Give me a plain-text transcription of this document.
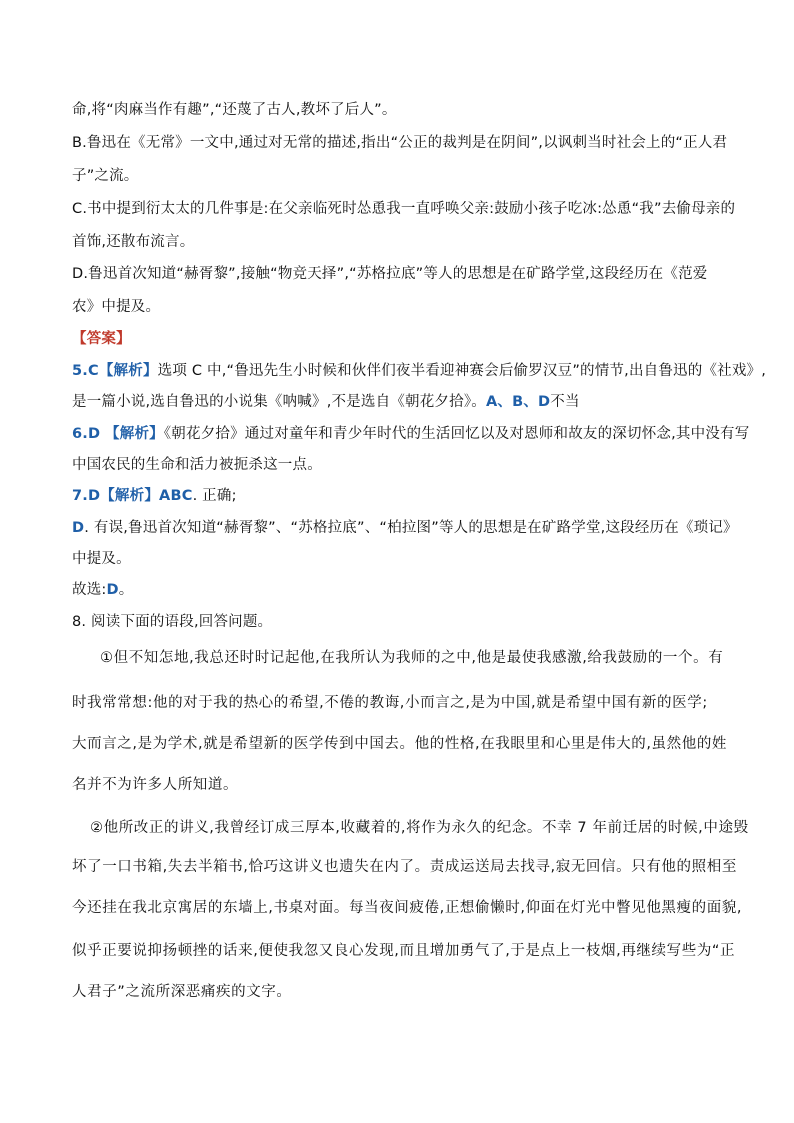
命,将“肉麻当作有趣”,“还蔑了古人,教坏了后人”。
B.鲁迅在《无常》一文中,通过对无常的描述,指出“公正的裁判是在阴间”,以讽刺当时社会上的“正人君
子”之流。
C.书中提到衍太太的几件事是:在父亲临死时怂恿我一直呼唤父亲:鼓励小孩子吃冰:怂恿“我”去偷母亲的
首饰,还散布流言。
D.鲁迅首次知道“赫胥黎”,接触“物竞天择”,“苏格拉底”等人的思想是在矿路学堂,这段经历在《范爱
农》中提及。
【答案】
5.C【解析】选项 C 中,“鲁迅先生小时候和伙伴们夜半看迎神赛会后偷罗汉豆”的情节,出自鲁迅的《社戏》,
是一篇小说,选自鲁迅的小说集《呐喊》,不是选自《朝花夕拾》。A、B、D不当
6.D 【解析】《朝花夕拾》通过对童年和青少年时代的生活回忆以及对恩师和故友的深切怀念,其中没有写
中国农民的生命和活力被扼杀这一点。
7.D【解析】ABC. 正确;
D. 有误,鲁迅首次知道“赫胥黎”、“苏格拉底”、“柏拉图”等人的思想是在矿路学堂,这段经历在《琐记》
中提及。
故选:D。
8. 阅读下面的语段,回答问题。
①但不知怎地,我总还时时记起他,在我所认为我师的之中,他是最使我感激,给我鼓励的一个。有
时我常常想:他的对于我的热心的希望,不倦的教诲,小而言之,是为中国,就是希望中国有新的医学;
大而言之,是为学术,就是希望新的医学传到中国去。他的性格,在我眼里和心里是伟大的,虽然他的姓
名并不为许多人所知道。
②他所改正的讲义,我曾经订成三厚本,收藏着的,将作为永久的纪念。不幸 7 年前迁居的时候,中途毁
坏了一口书箱,失去半箱书,恰巧这讲义也遗失在内了。责成运送局去找寻,寂无回信。只有他的照相至
今还挂在我北京寓居的东墙上,书桌对面。每当夜间疲倦,正想偷懒时,仰面在灯光中瞥见他黑瘦的面貌,
似乎正要说抑扬顿挫的话来,便使我忽又良心发现,而且增加勇气了,于是点上一枝烟,再继续写些为“正
人君子”之流所深恶痛疾的文字。
